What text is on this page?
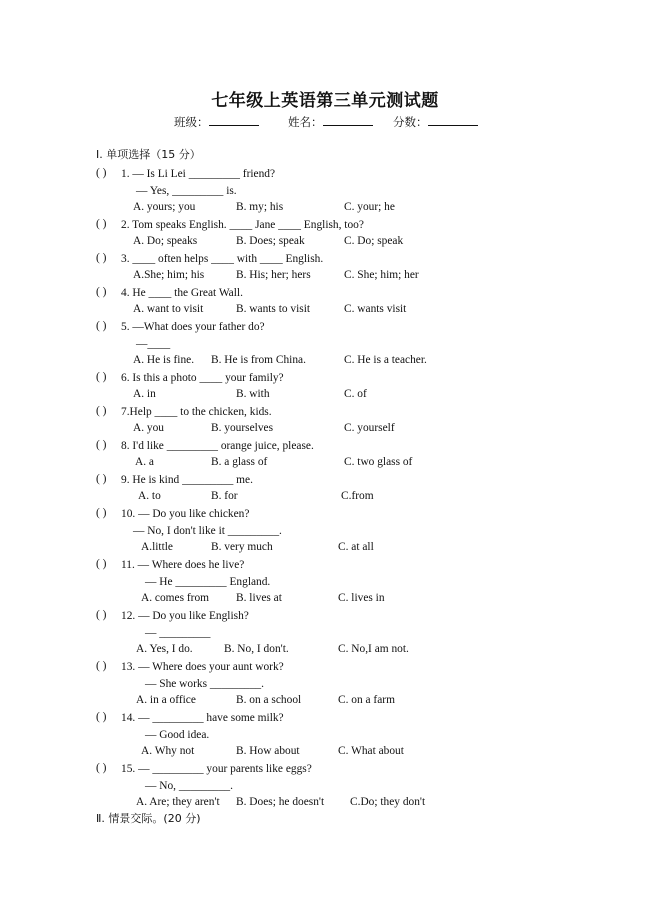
七年级上英语第三单元测试题
班级：	姓名：	分数：
Ⅰ. 单项选择（15 分）
( ) 1. — Is Li Lei _________ friend?
— Yes, _________ is.
A. yours; you	B. my; his	C. your; he
( ) 2. Tom speaks English. ____ Jane ____ English, too?
A. Do; speaks	B. Does; speak	C. Do; speak
( ) 3. ____ often helps ____ with ____ English.
A.She; him; his	B. His; her; hers	C. She; him; her
( ) 4. He ____ the Great Wall.
A. want to visit	B. wants to visit	C. wants visit
( ) 5. —What does your father do?
—____
A. He is fine. B. He is from China.	C. He is a teacher.
( ) 6. Is this a photo ____ your family?
A. in	B. with	C. of
( ) 7.Help ____ to the chicken, kids.
A. you	B. yourselves	C. yourself
( ) 8. I'd like _________ orange juice, please.
A. a	B. a glass of	C. two glass of
( ) 9. He is kind _________ me.
A. to	B. for	C.from
( ) 10. — Do you like chicken?
— No, I don't like it _________.
A.little	B. very much	C. at all
( ) 11. — Where does he live?
— He _________ England.
A. comes from B. lives at	C. lives in
( ) 12. — Do you like English?
— _________
A. Yes, I do.	B. No, I don't.	C. No,I am not.
( ) 13. — Where does your aunt work?
— She works _________.
A. in a office	B. on a school	C. on a farm
( ) 14. — _________ have some milk?
— Good idea.
A. Why not	B. How about	C. What about
( ) 15. — _________ your parents like eggs?
— No, _________.
A. Are; they aren't B. Does; he doesn't C.Do; they don't
Ⅱ. 情景交际。(20 分)
